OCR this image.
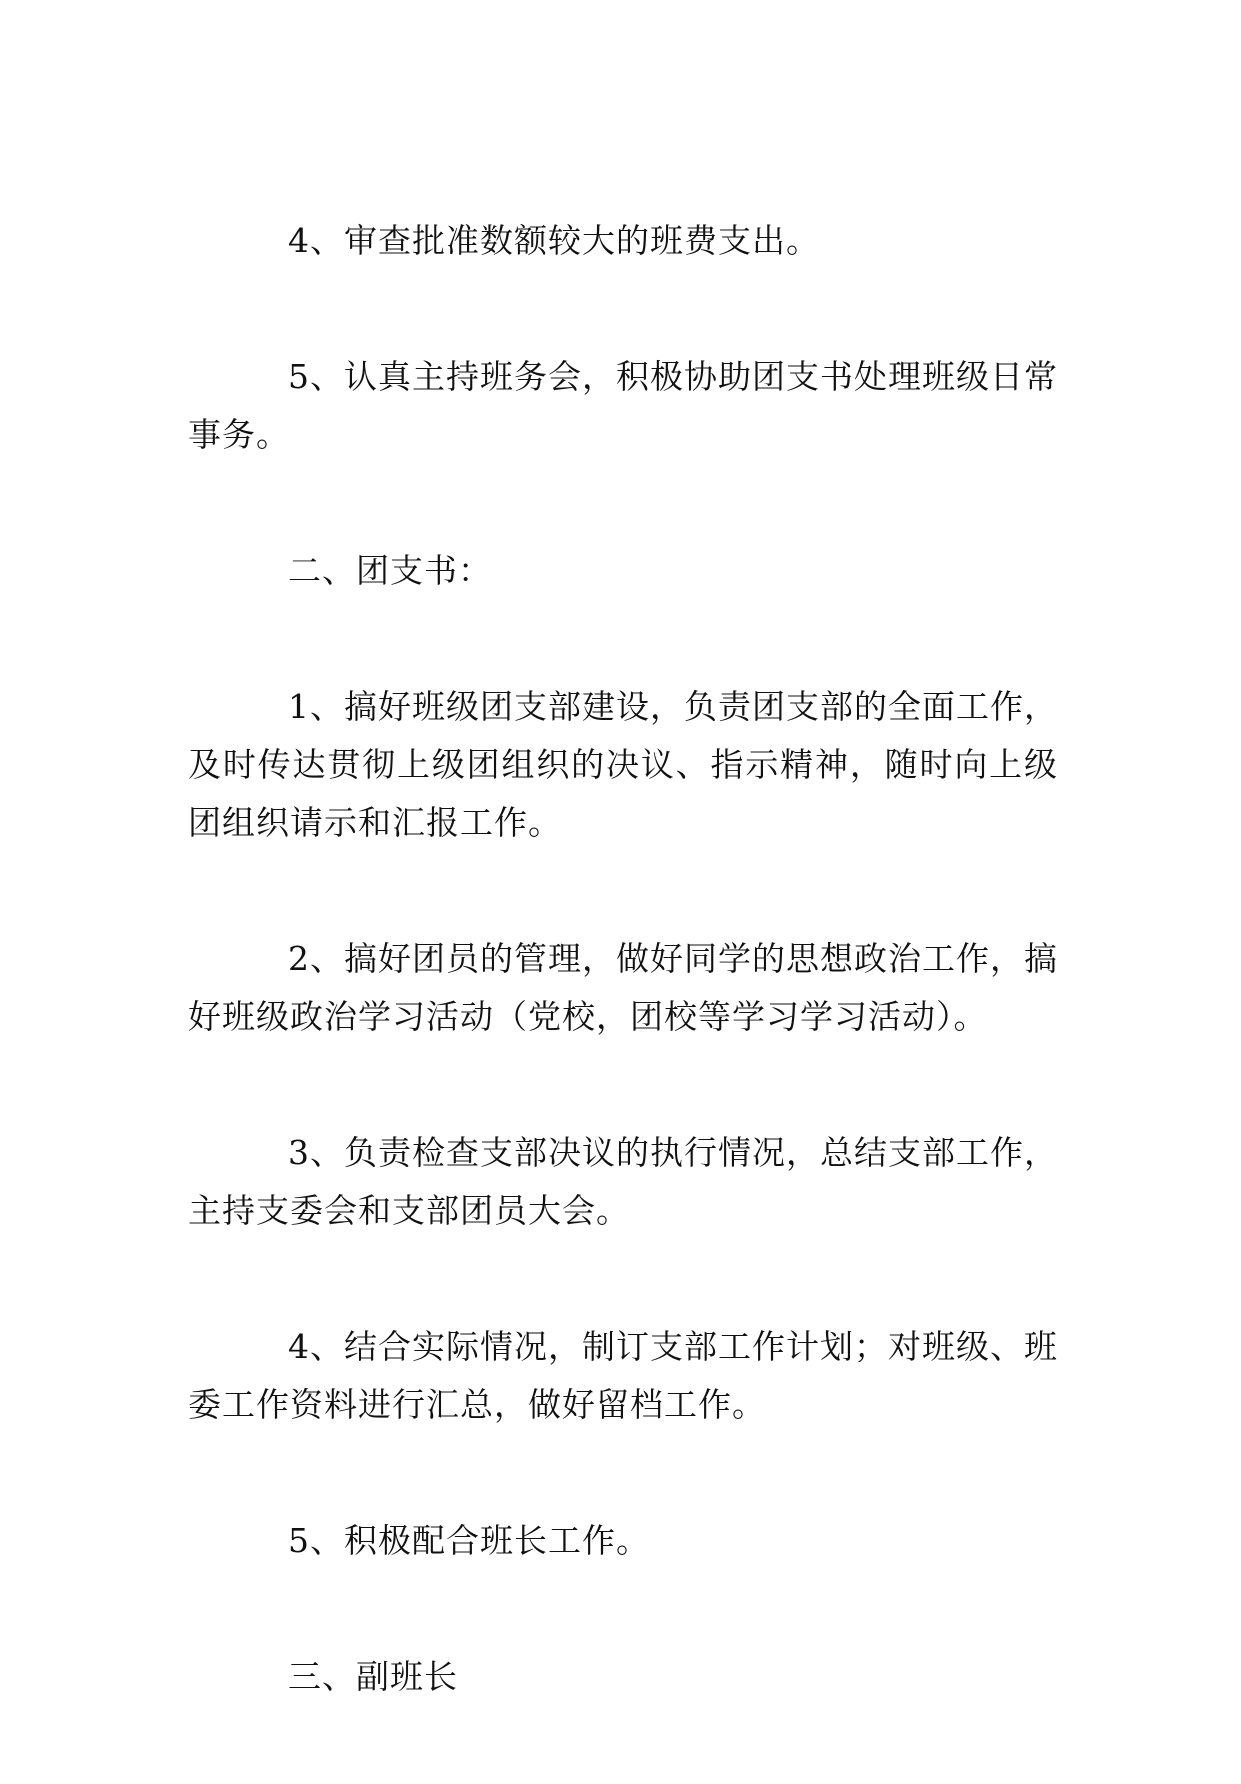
4、审查批准数额较大的班费支出。

5、认真主持班务会，积极协助团支书处理班级日常事务。

二、团支书：

1、搞好班级团支部建设，负责团支部的全面工作，及时传达贯彻上级团组织的决议、指示精神，随时向上级团组织请示和汇报工作。

2、搞好团员的管理，做好同学的思想政治工作，搞好班级政治学习活动（党校，团校等学习学习活动）。

3、负责检查支部决议的执行情况，总结支部工作，主持支委会和支部团员大会。

4、结合实际情况，制订支部工作计划；对班级、班委工作资料进行汇总，做好留档工作。

5、积极配合班长工作。

三、副班长
